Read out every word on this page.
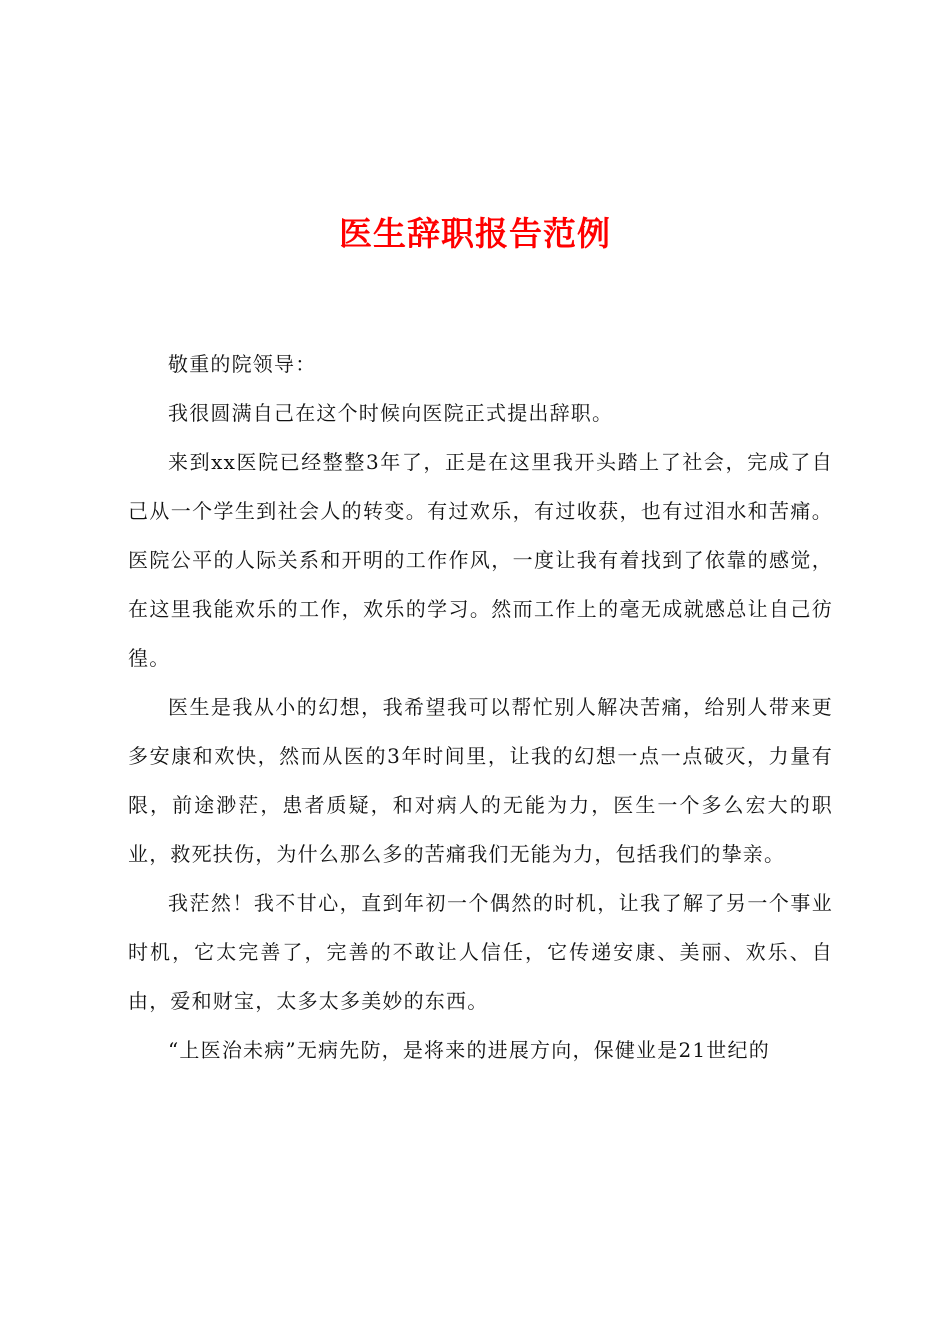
医生辞职报告范例

敬重的院领导：

我很圆满自己在这个时候向医院正式提出辞职。

来到xx医院已经整整3年了，正是在这里我开头踏上了社会，完成了自己从一个学生到社会人的转变。有过欢乐，有过收获，也有过泪水和苦痛。医院公平的人际关系和开明的工作作风，一度让我有着找到了依靠的感觉，在这里我能欢乐的工作，欢乐的学习。然而工作上的毫无成就感总让自己彷徨。

医生是我从小的幻想，我希望我可以帮忙别人解决苦痛，给别人带来更多安康和欢快，然而从医的3年时间里，让我的幻想一点一点破灭，力量有限，前途渺茫，患者质疑，和对病人的无能为力，医生一个多么宏大的职业，救死扶伤，为什么那么多的苦痛我们无能为力，包括我们的挚亲。

我茫然！我不甘心，直到年初一个偶然的时机，让我了解了另一个事业时机，它太完善了，完善的不敢让人信任，它传递安康、美丽、欢乐、自由，爱和财宝，太多太多美妙的东西。

“上医治未病”无病先防，是将来的进展方向，保健业是21世纪的
